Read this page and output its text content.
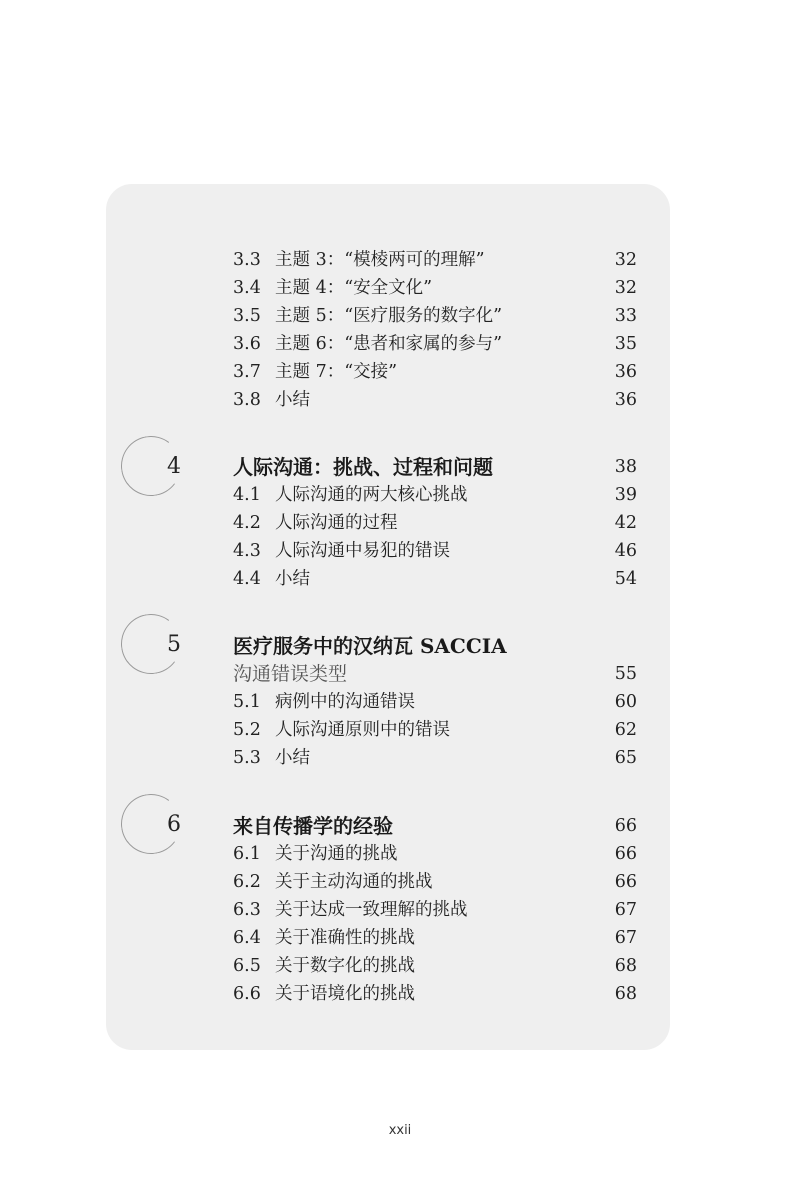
3.3 主题 3：“模棱两可的理解”	32
3.4 主题 4：“安全文化”	32
3.5 主题 5：“医疗服务的数字化”	33
3.6 主题 6：“患者和家属的参与”	35
3.7 主题 7：“交接”	36
3.8 小结	36
4	人际沟通：挑战、过程和问题	38
4.1 人际沟通的两大核心挑战	39
4.2 人际沟通的过程	42
4.3 人际沟通中易犯的错误	46
4.4 小结	54
5	医疗服务中的汉纳瓦 SACCIA
沟通错误类型	55
5.1 病例中的沟通错误	60
5.2 人际沟通原则中的错误	62
5.3 小结	65
6	来自传播学的经验	66
6.1 关于沟通的挑战	66
6.2 关于主动沟通的挑战	66
6.3 关于达成一致理解的挑战	67
6.4 关于准确性的挑战	67
6.5 关于数字化的挑战	68
6.6 关于语境化的挑战	68
xxii
